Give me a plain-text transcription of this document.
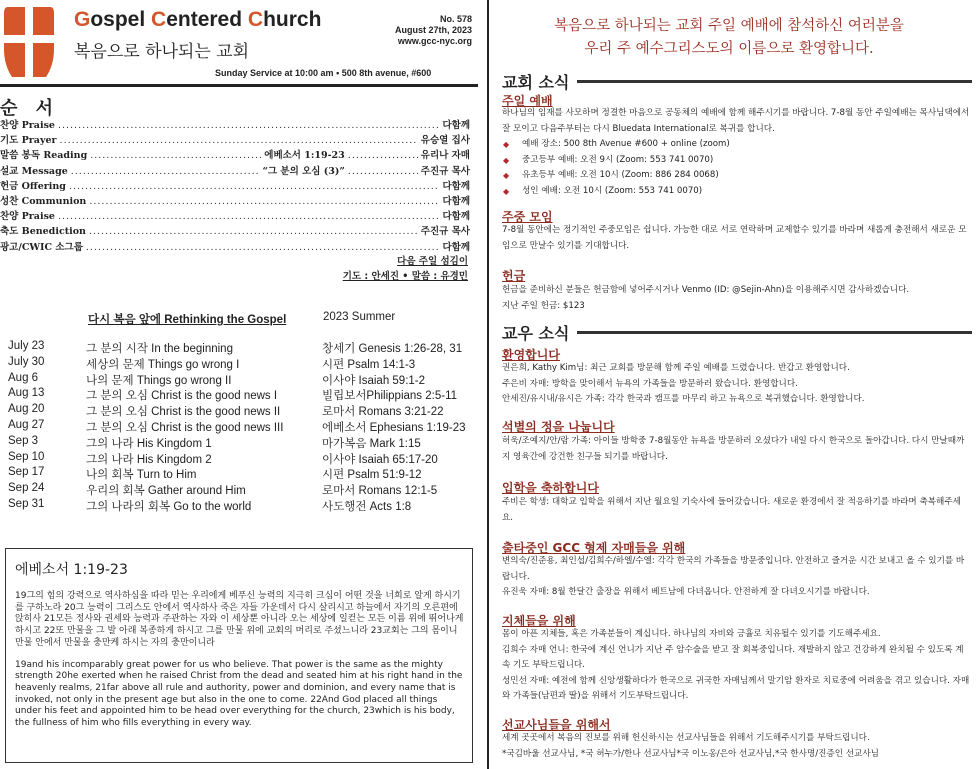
Gospel Centered Church
복음으로 하나되는 교회
No. 578
August 27th, 2023
www.gcc-nyc.org
Sunday Service at 10:00 am • 500 8th avenue, #600
순 서
찬양 Praise .....	다함께
기도 Prayer .....	유승열 집사
말씀 봉독 Reading .....	에베소서 1:19-23 .....	유리나 자매
설교 Message .....	“그 분의 오심 (3)” .....	주진규 목사
헌금 Offering .....	다함께
성찬 Communion .....	다함께
찬양 Praise .....	다함께
축도 Benediction .....	주진규 목사
광고/CWIC 소그룹 .....	다함께
다음 주일 섬김이
기도 : 안세진 • 말씀 : 유경민
다시 복음 앞에 Rethinking the Gospel	2023 Summer
July 23	그 분의 시작 In the beginning	창세기 Genesis 1:26-28, 31
July 30	세상의 문제 Things go wrong I	시편 Psalm 14:1-3
Aug 6	나의 문제 Things go wrong II	이사야 Isaiah 59:1-2
Aug 13	그 분의 오심 Christ is the good news I	빌립보서Philippians 2:5-11
Aug 20	그 분의 오심 Christ is the good news II	로마서 Romans 3:21-22
Aug 27	그 분의 오심 Christ is the good news III	에베소서 Ephesians 1:19-23
Sep 3	그의 나라 His Kingdom 1	마가복음 Mark 1:15
Sep 10	그의 나라 His Kingdom 2	이사야 Isaiah 65:17-20
Sep 17	나의 회복 Turn to Him	시편 Psalm 51:9-12
Sep 24	우리의 회복 Gather around Him	로마서 Romans 12:1-5
Sep 31	그의 나라의 회복 Go to the world	사도행전 Acts 1:8
에베소서 1:19-23

19그의 힘의 강력으로 역사하심을 따라 믿는 우리에게 베푸신 능력의 지극히 크심이 어떤 것을 너희로 알게 하시기를 구하노라 20그 능력이 그리스도 안에서 역사하사 죽은 자들 가운데서 다시 살리시고 하늘에서 자기의 오른편에 앉히사 21모든 정사와 권세와 능력과 주관하는 자와 이 세상뿐 아니라 오는 세상에 일컫는 모든 이름 위에 뛰어나게 하시고 22또 만물을 그 발 아래 복종하게 하시고 그를 만물 위에 교회의 머리로 주셨느니라 23교회는 그의 몸이니 만물 안에서 만물을 충만케 하시는 자의 충만이니라

19and his incomparably great power for us who believe. That power is the same as the mighty strength 20he exerted when he raised Christ from the dead and seated him at his right hand in the heavenly realms, 21far above all rule and authority, power and dominion, and every name that is invoked, not only in the present age but also in the one to come. 22And God placed all things under his feet and appointed him to be head over everything for the church, 23which is his body, the fullness of him who fills everything in every way.

복음으로 하나되는 교회 주일 예배에 참석하신 여러분을
우리 주 예수그리스도의 이름으로 환영합니다.
교회 소식
주일 예배
하나님의 임재를 사모하며 정결한 마음으로 공동체의 예배에 함께 해주시기를 바랍니다. 7-8월 동안 주일예배는 목사님댁에서 잘 모이고 다음주부터는 다시 Bluedata International로 복귀를 합니다.
◆ 예배 장소: 500 8th Avenue #600 + online (zoom)
◆ 중고등부 예배: 오전 9시 (Zoom: 553 741 0070)
◆ 유초등부 예배: 오전 10시 (Zoom: 886 284 0068)
◆ 성인 예배: 오전 10시 (Zoom: 553 741 0070)
주중 모임
7-8월 동안에는 정기적인 주중모임은 쉽니다. 가능한 대로 서로 연락하며 교제할수 있기를 바라며 새롭게 충전해서 새로운 모임으로 만날수 있기를 기대합니다.
헌금
헌금을 준비하신 분들은 헌금함에 넣어주시거나 Venmo (ID: @Sejin-Ahn)을 이용해주시면 감사하겠습니다.
지난 주일 헌금: $123
교우 소식
환영합니다
권은희, Kathy Kim님: 최근 교회를 방문해 함께 주일 예배를 드렸습니다. 반갑고 환영합니다.
주은비 자매: 방학을 맞이해서 뉴욕의 가족들을 방문하러 왔습니다. 환영합니다.
안세진/유시내/유시은 가족: 각각 한국과 캠프를 마무리 하고 뉴욕으로 복귀했습니다. 환영합니다.
석별의 정을 나눕니다
허욱/조예지/안/람 가족: 아이들 방학중 7-8월동안 뉴욕을 방문하러 오셨다가 내일 다시 한국으로 돌아갑니다. 다시 만날때까지 영육간에 강건한 친구들 되기를 바랍니다.
입학을 축하합니다
주비은 학생: 대학교 입학을 위해서 지난 월요일 기숙사에 들어갔습니다. 새로운 환경에서 잘 적응하기를 바라며 축복해주세요.
출타중인 GCC 형제 자매들을 위해
변의숙/진준용, 최인섭/김희수/하엘/수엘: 각각 한국의 가족들을 방문중입니다. 안전하고 즐거운 시간 보내고 올 수 있기를 바랍니다.
유진욱 자매: 8월 한달간 출장을 위해서 베트남에 다녀옵니다. 안전하게 잘 다녀오시기를 바랍니다.
지체들을 위해
몸이 아픈 지체들, 혹은 가족분들이 계십니다. 하나님의 자비와 긍휼로 치유될수 있기를 기도해주세요.
김희수 자매 언니: 한국에 계신 언니가 지난 주 암수술을 받고 잘 회복중입니다. 재발하지 않고 건강하게 완치될 수 있도록 계속 기도 부탁드립니다.
성민선 자매: 예전에 함께 신앙생활하다가 한국으로 귀국한 자매님께서 말기암 환자로 치료중에 어려움을 겪고 있습니다. 자매와 가족들(남편과 딸)을 위해서 기도부탁드립니다.
선교사님들을 위해서
세계 곳곳에서 복음의 진보를 위해 헌신하시는 선교사님들을 위해서 기도해주시기를 부탁드립니다.
*국김바울 선교사님, *국 허누가/한나 선교사님*국 이노옹/은아 선교사님,*국 한사명/진증인 선교사님
